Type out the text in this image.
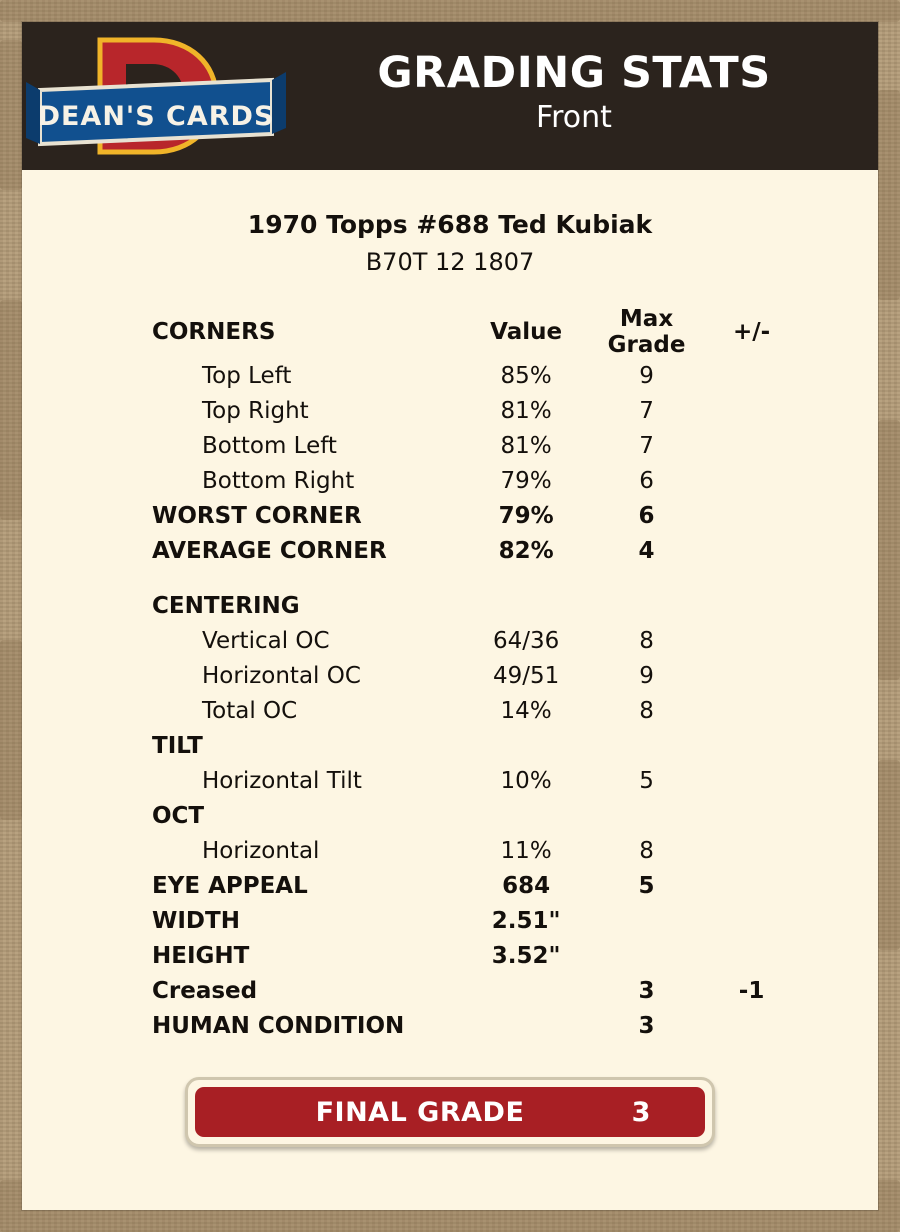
DEAN'S CARDS
GRADING STATS
Front
1970 Topps #688 Ted Kubiak
B70T 12 1807
CORNERS	Value	Max Grade	+/-
Top Left	85%	9	
Top Right	81%	7	
Bottom Left	81%	7	
Bottom Right	79%	6	
WORST CORNER	79%	6	
AVERAGE CORNER	82%	4	

CENTERING			
Vertical OC	64/36	8	
Horizontal OC	49/51	9	
Total OC	14%	8	
TILT			
Horizontal Tilt	10%	5	
OCT			
Horizontal	11%	8	
EYE APPEAL	684	5	
WIDTH	2.51"		
HEIGHT	3.52"		
Creased		3	-1
HUMAN CONDITION		3	
FINAL GRADE	3
